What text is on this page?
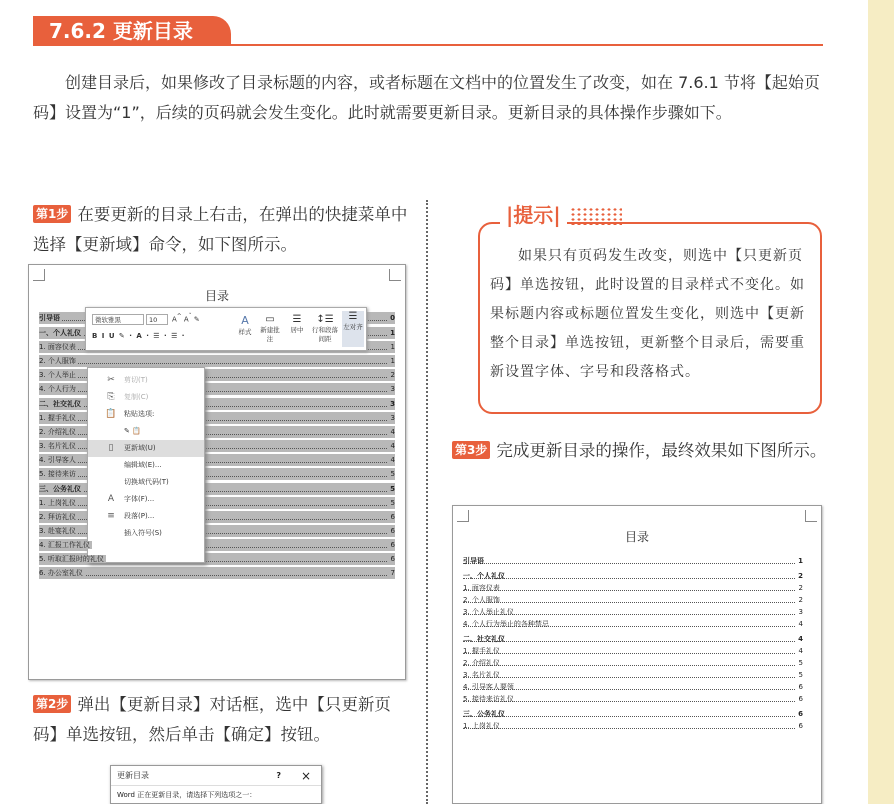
7.6.2 更新目录

创建目录后，如果修改了目录标题的内容，或者标题在文档中的位置发生了改变，如在 7.6.1 节将【起始页码】设置为“1”，后续的页码就会发生变化。此时就需要更新目录。更新目录的具体操作步骤如下。

第1步 在要更新的目录上右击，在弹出的快捷菜单中选择【更新域】命令，如下图所示。
目录
引导语	0
一、个人礼仪	1
1. 面容仪表	1
2. 个人服饰	1
3. 个人举止	2
4. 个人行为	3
二、社交礼仪	3
1. 握手礼仪	3
2. 介绍礼仪	4
3. 名片礼仪	4
4. 引导客人	4
5. 接待来访	5
三、公务礼仪	5
1. 上岗礼仪	5
2. 拜访礼仪	6
3. 赴宴礼仪	6
4. 汇报工作礼仪	6
5. 听取汇报时的礼仪	6
6. 办公室礼仪	7
微软雅黑	10	A^ $A^ˇ$ ✎
B I U ✎ · A · ☰ · ☰ ·
A
样式
▭
新建批注
☰
居中
↕☰
行和段落间距
☰
左对齐
✂	剪切(T)
⎘	复制(C)
📋 粘贴选项:
✎ 📋
▯	更新域(U)
编辑域(E)...
切换域代码(T)
A	字体(F)...
≡	段落(P)...
插入符号(S)
第2步 弹出【更新目录】对话框，选中【只更新页码】单选按钮，然后单击【确定】按钮。
更新目录	? ×
Word 正在更新目录，请选择下列选项之一：
|提示|
如果只有页码发生改变，则选中【只更新页码】单选按钮，此时设置的目录样式不变化。如果标题内容或标题位置发生变化，则选中【更新整个目录】单选按钮，更新整个目录后，需要重新设置字体、字号和段落格式。
第3步 完成更新目录的操作，最终效果如下图所示。
目录
引导语	1
一、个人礼仪	2
1. 面容仪表	2
2. 个人服饰	2
3. 个人举止礼仪	3
4. 个人行为举止的各种禁忌	4
二、社交礼仪	4
1. 握手礼仪	4
2. 介绍礼仪	5
3. 名片礼仪	5
4. 引导客人要领	6
5. 接待来访礼仪	6
三、公务礼仪	6
1. 上岗礼仪	6
